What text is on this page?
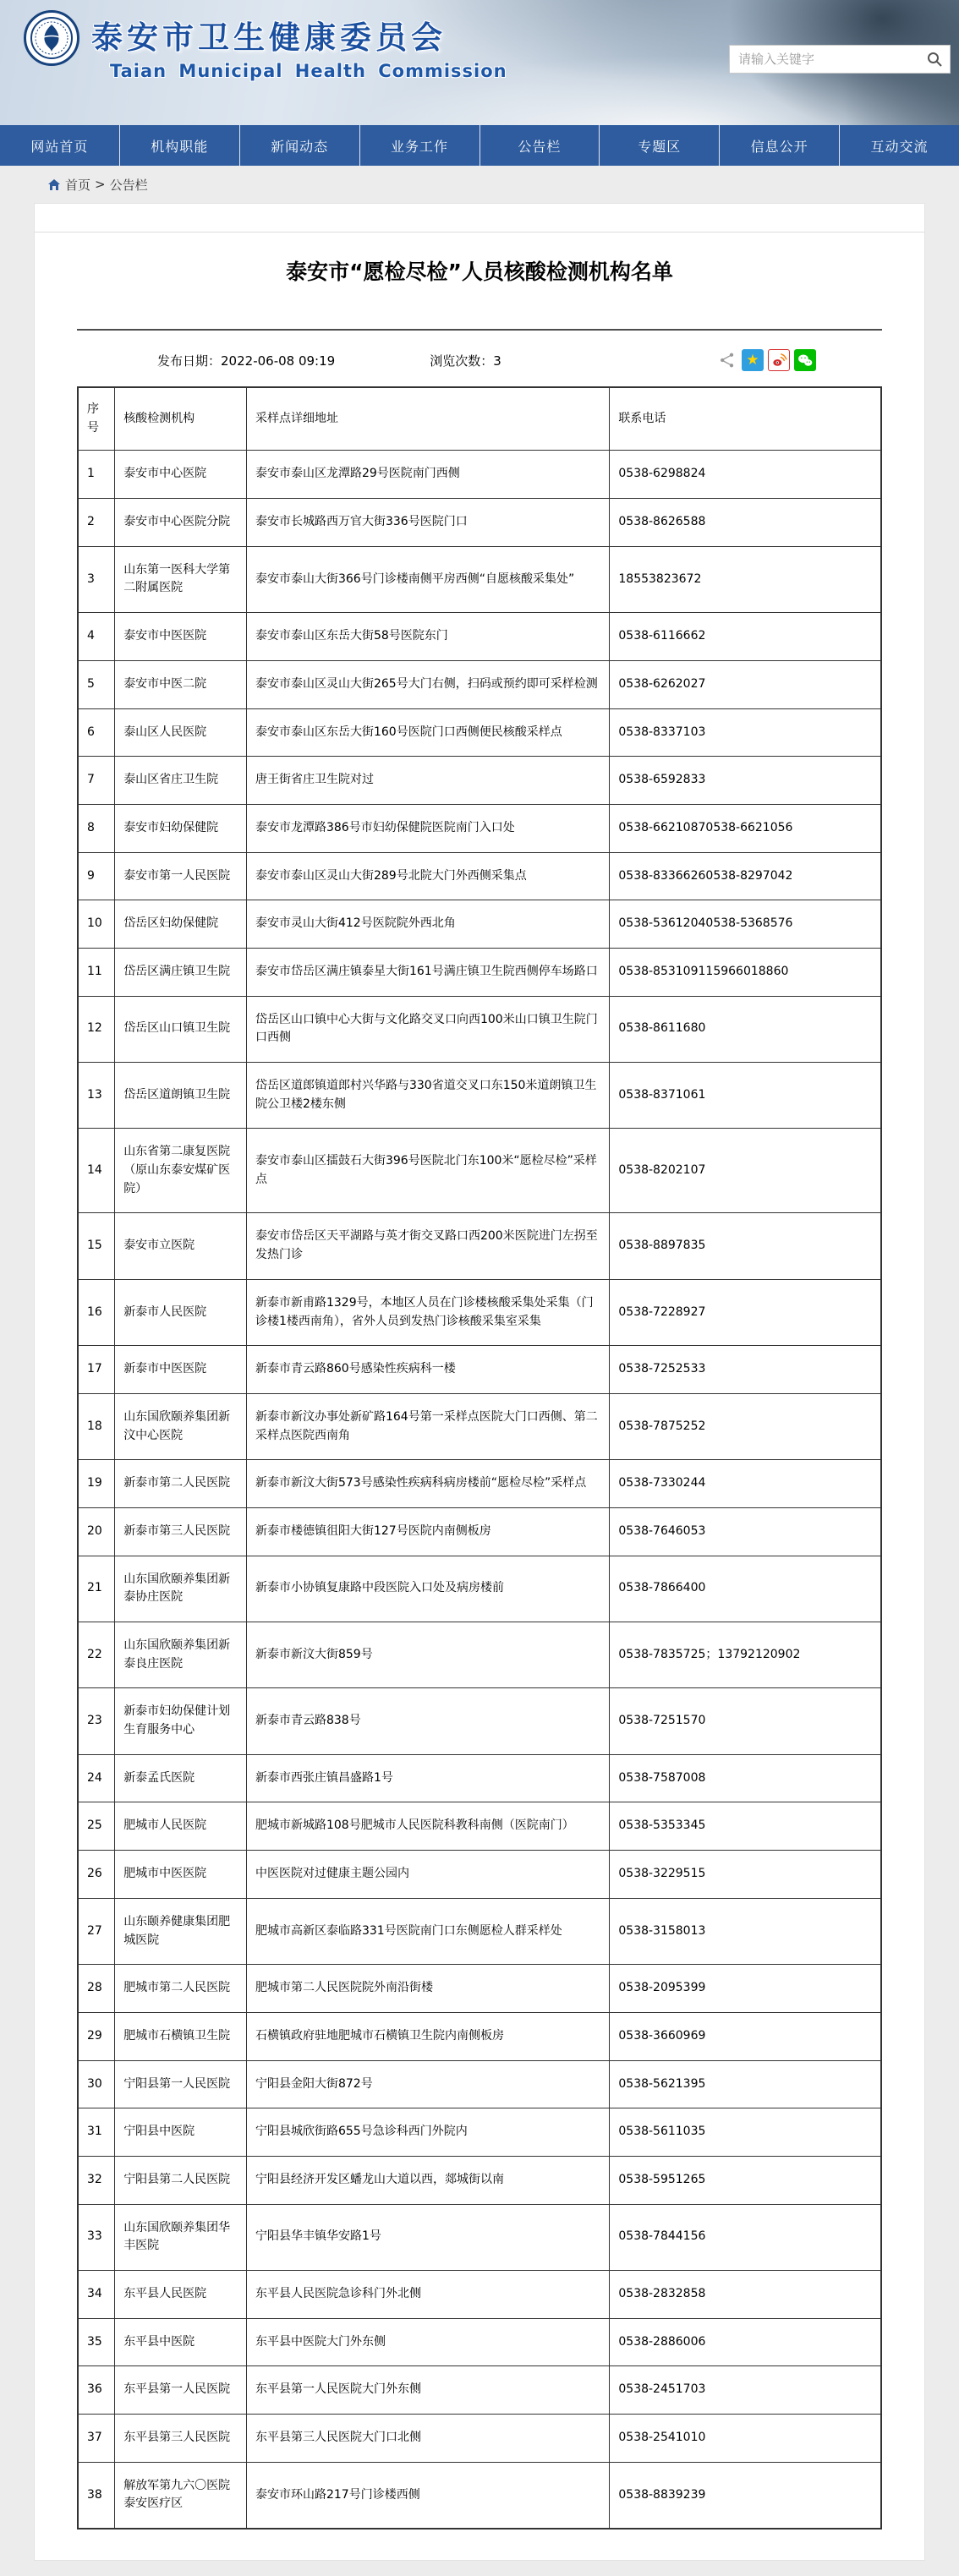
泰安市卫生健康委员会
Taian Municipal Health Commission
请输入关键字
网站首页	机构职能	新闻动态	业务工作	公告栏	专题区	信息公开	互动交流
首页 > 公告栏
泰安市“愿检尽检”人员核酸检测机构名单
发布日期：2022-06-08 09:19	浏览次数：3	★
序号	核酸检测机构	采样点详细地址	联系电话
1	泰安市中心医院	泰安市泰山区龙潭路29号医院南门西侧	0538-6298824
2	泰安市中心医院分院	泰安市长城路西万官大街336号医院门口	0538-8626588
3	山东第一医科大学第二附属医院	泰安市泰山大街366号门诊楼南侧平房西侧“自愿核酸采集处”	18553823672
4	泰安市中医医院	泰安市泰山区东岳大街58号医院东门	0538-6116662
5	泰安市中医二院	泰安市泰山区灵山大街265号大门右侧，扫码或预约即可采样检测	0538-6262027
6	泰山区人民医院	泰安市泰山区东岳大街160号医院门口西侧便民核酸采样点	0538-8337103
7	泰山区省庄卫生院	唐王街省庄卫生院对过	0538-6592833
8	泰安市妇幼保健院	泰安市龙潭路386号市妇幼保健院医院南门入口处	0538-66210870538-6621056
9	泰安市第一人民医院	泰安市泰山区灵山大街289号北院大门外西侧采集点	0538-83366260538-8297042
10	岱岳区妇幼保健院	泰安市灵山大街412号医院院外西北角	0538-53612040538-5368576
11	岱岳区满庄镇卫生院	泰安市岱岳区满庄镇泰星大街161号满庄镇卫生院西侧停车场路口	0538-853109115966018860
12	岱岳区山口镇卫生院	岱岳区山口镇中心大街与文化路交叉口向西100米山口镇卫生院门口西侧	0538-8611680
13	岱岳区道朗镇卫生院	岱岳区道郎镇道郎村兴华路与330省道交叉口东150米道朗镇卫生院公卫楼2楼东侧	0538-8371061
14	山东省第二康复医院（原山东泰安煤矿医院）	泰安市泰山区擂鼓石大街396号医院北门东100米“愿检尽检”采样点	0538-8202107
15	泰安市立医院	泰安市岱岳区天平湖路与英才街交叉路口西200米医院进门左拐至发热门诊	0538-8897835
16	新泰市人民医院	新泰市新甫路1329号，本地区人员在门诊楼核酸采集处采集（门诊楼1楼西南角），省外人员到发热门诊核酸采集室采集	0538-7228927
17	新泰市中医医院	新泰市青云路860号感染性疾病科一楼	0538-7252533
18	山东国欣颐养集团新汶中心医院	新泰市新汶办事处新矿路164号第一采样点医院大门口西侧、第二采样点医院西南角	0538-7875252
19	新泰市第二人民医院	新泰市新汶大街573号感染性疾病科病房楼前“愿检尽检”采样点	0538-7330244
20	新泰市第三人民医院	新泰市楼德镇徂阳大街127号医院内南侧板房	0538-7646053
21	山东国欣颐养集团新泰协庄医院	新泰市小协镇复康路中段医院入口处及病房楼前	0538-7866400
22	山东国欣颐养集团新泰良庄医院	新泰市新汶大街859号	0538-7835725；13792120902
23	新泰市妇幼保健计划生育服务中心	新泰市青云路838号	0538-7251570
24	新泰孟氏医院	新泰市西张庄镇昌盛路1号	0538-7587008
25	肥城市人民医院	肥城市新城路108号肥城市人民医院科教科南侧（医院南门）	0538-5353345
26	肥城市中医医院	中医医院对过健康主题公园内	0538-3229515
27	山东颐养健康集团肥城医院	肥城市高新区泰临路331号医院南门口东侧愿检人群采样处	0538-3158013
28	肥城市第二人民医院	肥城市第二人民医院院外南沿街楼	0538-2095399
29	肥城市石横镇卫生院	石横镇政府驻地肥城市石横镇卫生院内南侧板房	0538-3660969
30	宁阳县第一人民医院	宁阳县金阳大街872号	0538-5621395
31	宁阳县中医院	宁阳县城欣街路655号急诊科西门外院内	0538-5611035
32	宁阳县第二人民医院	宁阳县经济开发区蟠龙山大道以西，郯城街以南	0538-5951265
33	山东国欣颐养集团华丰医院	宁阳县华丰镇华安路1号	0538-7844156
34	东平县人民医院	东平县人民医院急诊科门外北侧	0538-2832858
35	东平县中医院	东平县中医院大门外东侧	0538-2886006
36	东平县第一人民医院	东平县第一人民医院大门外东侧	0538-2451703
37	东平县第三人民医院	东平县第三人民医院大门口北侧	0538-2541010
38	解放军第九六〇医院泰安医疗区	泰安市环山路217号门诊楼西侧	0538-8839239
